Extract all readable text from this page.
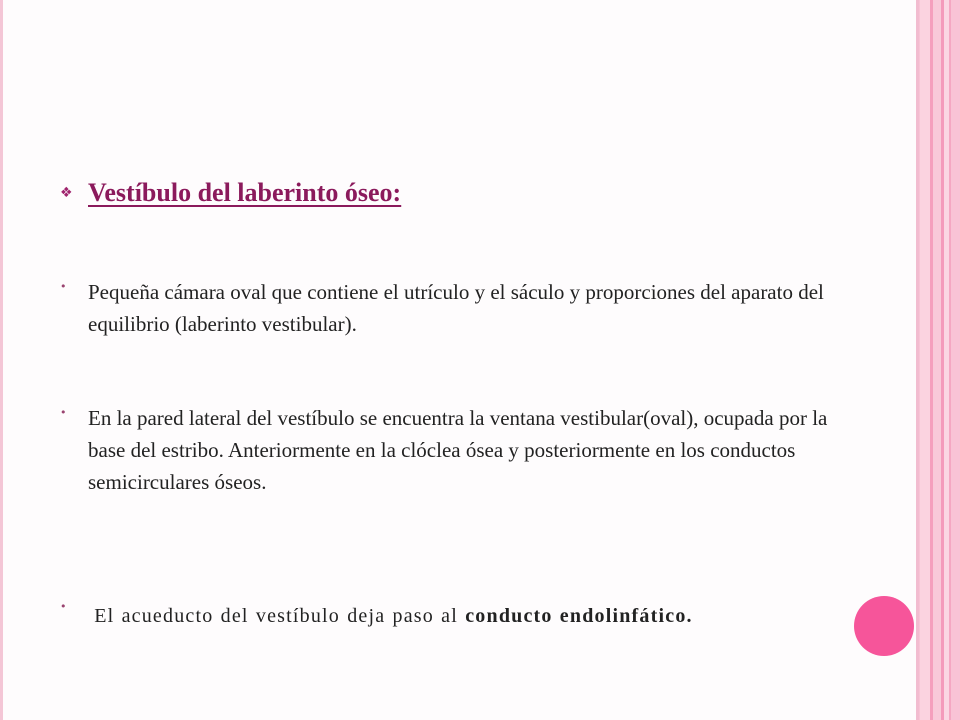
❖ Vestíbulo del laberinto óseo:
•	Pequeña cámara oval que contiene el utrículo y el sáculo y proporciones del aparato del equilibrio (laberinto vestibular).
•	En la pared lateral del vestíbulo se encuentra la ventana vestibular(oval), ocupada por la base del estribo. Anteriormente en la clóclea ósea y posteriormente en los conductos semicirculares óseos.
•	El acueducto del vestíbulo deja paso al conducto endolinfático.
